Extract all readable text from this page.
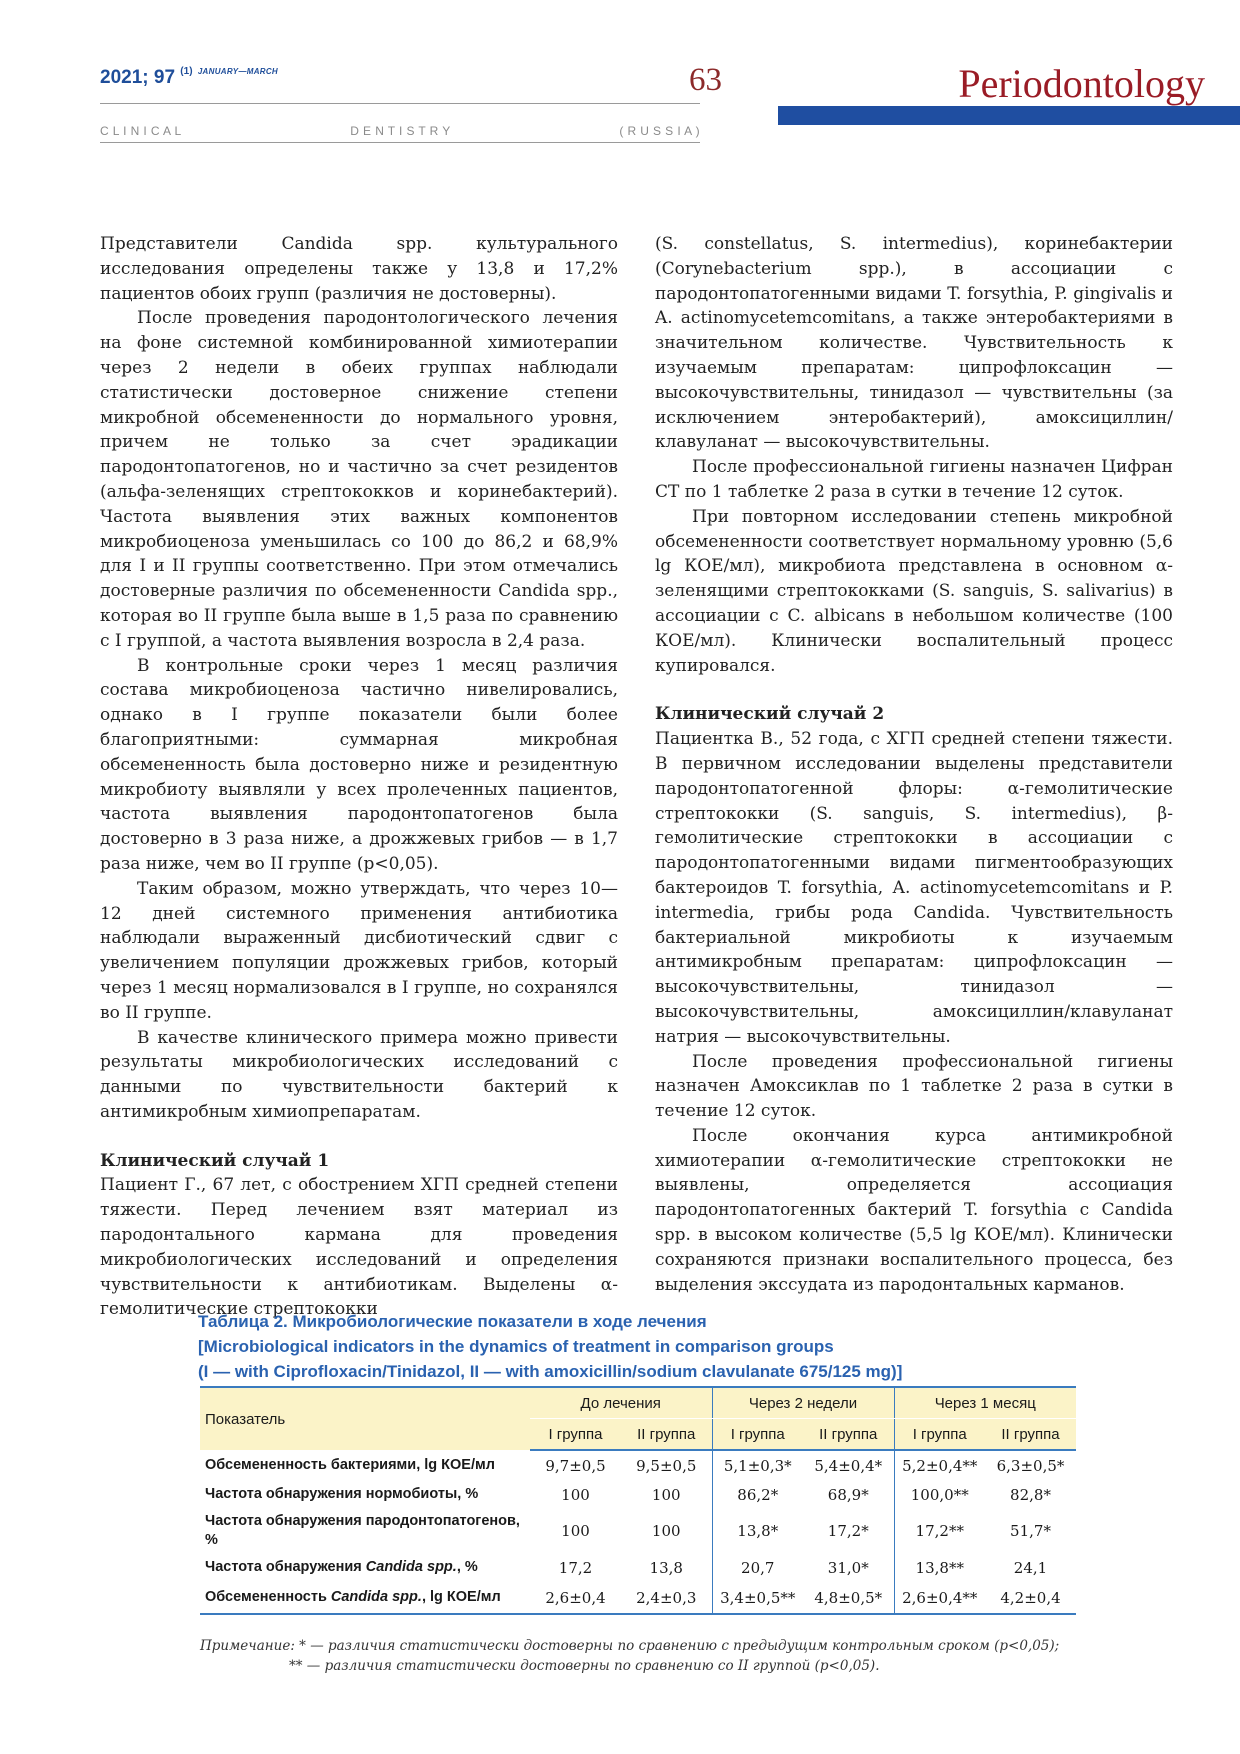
2021; 97 $^{(1)}$ $^{JANUARY—MARCH}$	63	Periodontology
C L I N I C A L	D E N T I S T R Y	( R U S S I A )

Представители Candida spp. культурального исследования определены также у 13,8 и 17,2% пациентов обоих групп (различия не достоверны).

После проведения пародонтологического лечения на фоне системной комбинированной химиотерапии через 2 недели в обеих группах наблюдали статистически достоверное снижение степени микробной обсемененности до нормального уровня, причем не только за счет эрадикации пародонтопатогенов, но и частично за счет резидентов (альфа-зеленящих стрептококков и коринебактерий). Частота выявления этих важных компонентов микробиоценоза уменьшилась со 100 до 86,2 и 68,9% для I и II группы соответственно. При этом отмечались достоверные различия по обсемененности Candida spp., которая во II группе была выше в 1,5 раза по сравнению с I группой, а частота выявления возросла в 2,4 раза.

В контрольные сроки через 1 месяц различия состава микробиоценоза частично нивелировались, однако в I группе показатели были более благоприятными: суммарная микробная обсемененность была достоверно ниже и резидентную микробиоту выявляли у всех пролеченных пациентов, частота выявления пародонтопатогенов была достоверно в 3 раза ниже, а дрожжевых грибов — в 1,7 раза ниже, чем во II группе (p<0,05).

Таким образом, можно утверждать, что через 10—12 дней системного применения антибиотика наблюдали выраженный дисбиотический сдвиг с увеличением популяции дрожжевых грибов, который через 1 месяц нормализовался в I группе, но сохранялся во II группе.

В качестве клинического примера можно привести результаты микробиологических исследований с данными по чувствительности бактерий к антимикробным химиопрепаратам.

Клинический случай 1

Пациент Г., 67 лет, с обострением ХГП средней степени тяжести. Перед лечением взят материал из пародонтального кармана для проведения микробиологических исследований и определения чувствительности к антибиотикам. Выделены α-гемолитические стрептококки

(S. constellatus, S. intermedius), коринебактерии (Corynebacterium spp.), в ассоциации с пародонтопатогенными видами T. forsythia, P. gingivalis и A. actinomycetemcomitans, а также энтеробактериями в значительном количестве. Чувствительность к изучаемым препаратам: ципрофлоксацин — высокочувствительны, тинидазол — чувствительны (за исключением энтеробактерий), амоксициллин/клавуланат — высокочувствительны.

После профессиональной гигиены назначен Цифран СТ по 1 таблетке 2 раза в сутки в течение 12 суток.

При повторном исследовании степень микробной обсемененности соответствует нормальному уровню (5,6 lg КОЕ/мл), микробиота представлена в основном α-зеленящими стрептококками (S. sanguis, S. salivarius) в ассоциации с C. albicans в небольшом количестве (100 КОЕ/мл). Клинически воспалительный процесс купировался.

Клинический случай 2

Пациентка В., 52 года, с ХГП средней степени тяжести. В первичном исследовании выделены представители пародонтопатогенной флоры: α-гемолитические стрептококки (S. sanguis, S. intermedius), β-гемолитические стрептококки в ассоциации с пародонтопатогенными видами пигментообразующих бактероидов T. forsythia, A. actinomycetemcomitans и P. intermedia, грибы рода Candida. Чувствительность бактериальной микробиоты к изучаемым антимикробным препаратам: ципрофлоксацин — высокочувствительны, тинидазол — высокочувствительны, амоксициллин/клавуланат натрия — высокочувствительны.

После проведения профессиональной гигиены назначен Амоксиклав по 1 таблетке 2 раза в сутки в течение 12 суток.

После окончания курса антимикробной химиотерапии α-гемолитические стрептококки не выявлены, определяется ассоциация пародонтопатогенных бактерий T. forsythia с Candida spp. в высоком количестве (5,5 lg КОЕ/мл). Клинически сохраняются признаки воспалительного процесса, без выделения экссудата из пародонтальных карманов.

Таблица 2. Микробиологические показатели в ходе лечения
[Microbiological indicators in the dynamics of treatment in comparison groups
(I — with Ciprofloxacin/Tinidazol, II — with amoxicillin/sodium clavulanate 675/125 mg)]
Показатель	До лечения		Через 2 недели		Через 1 месяц	
	I группа	II группа	I группа	II группа	I группа	II группа
Обсемененность бактериями, lg КОЕ/мл	9,7±0,5	9,5±0,5	5,1±0,3*	5,4±0,4*	5,2±0,4**	6,3±0,5*
Частота обнаружения нормобиоты, %	100	100	86,2*	68,9*	100,0**	82,8*
Частота обнаружения пародонтопатогенов, %	100	100	13,8*	17,2*	17,2**	51,7*
Частота обнаружения Candida spp., %	17,2	13,8	20,7	31,0*	13,8**	24,1
Обсемененность Candida spp., lg КОЕ/мл	2,6±0,4	2,4±0,3	3,4±0,5**	4,8±0,5*	2,6±0,4**	4,2±0,4
Примечание: * — различия статистически достоверны по сравнению с предыдущим контрольным сроком (p<0,05);
** — различия статистически достоверны по сравнению со II группой (p<0,05).
